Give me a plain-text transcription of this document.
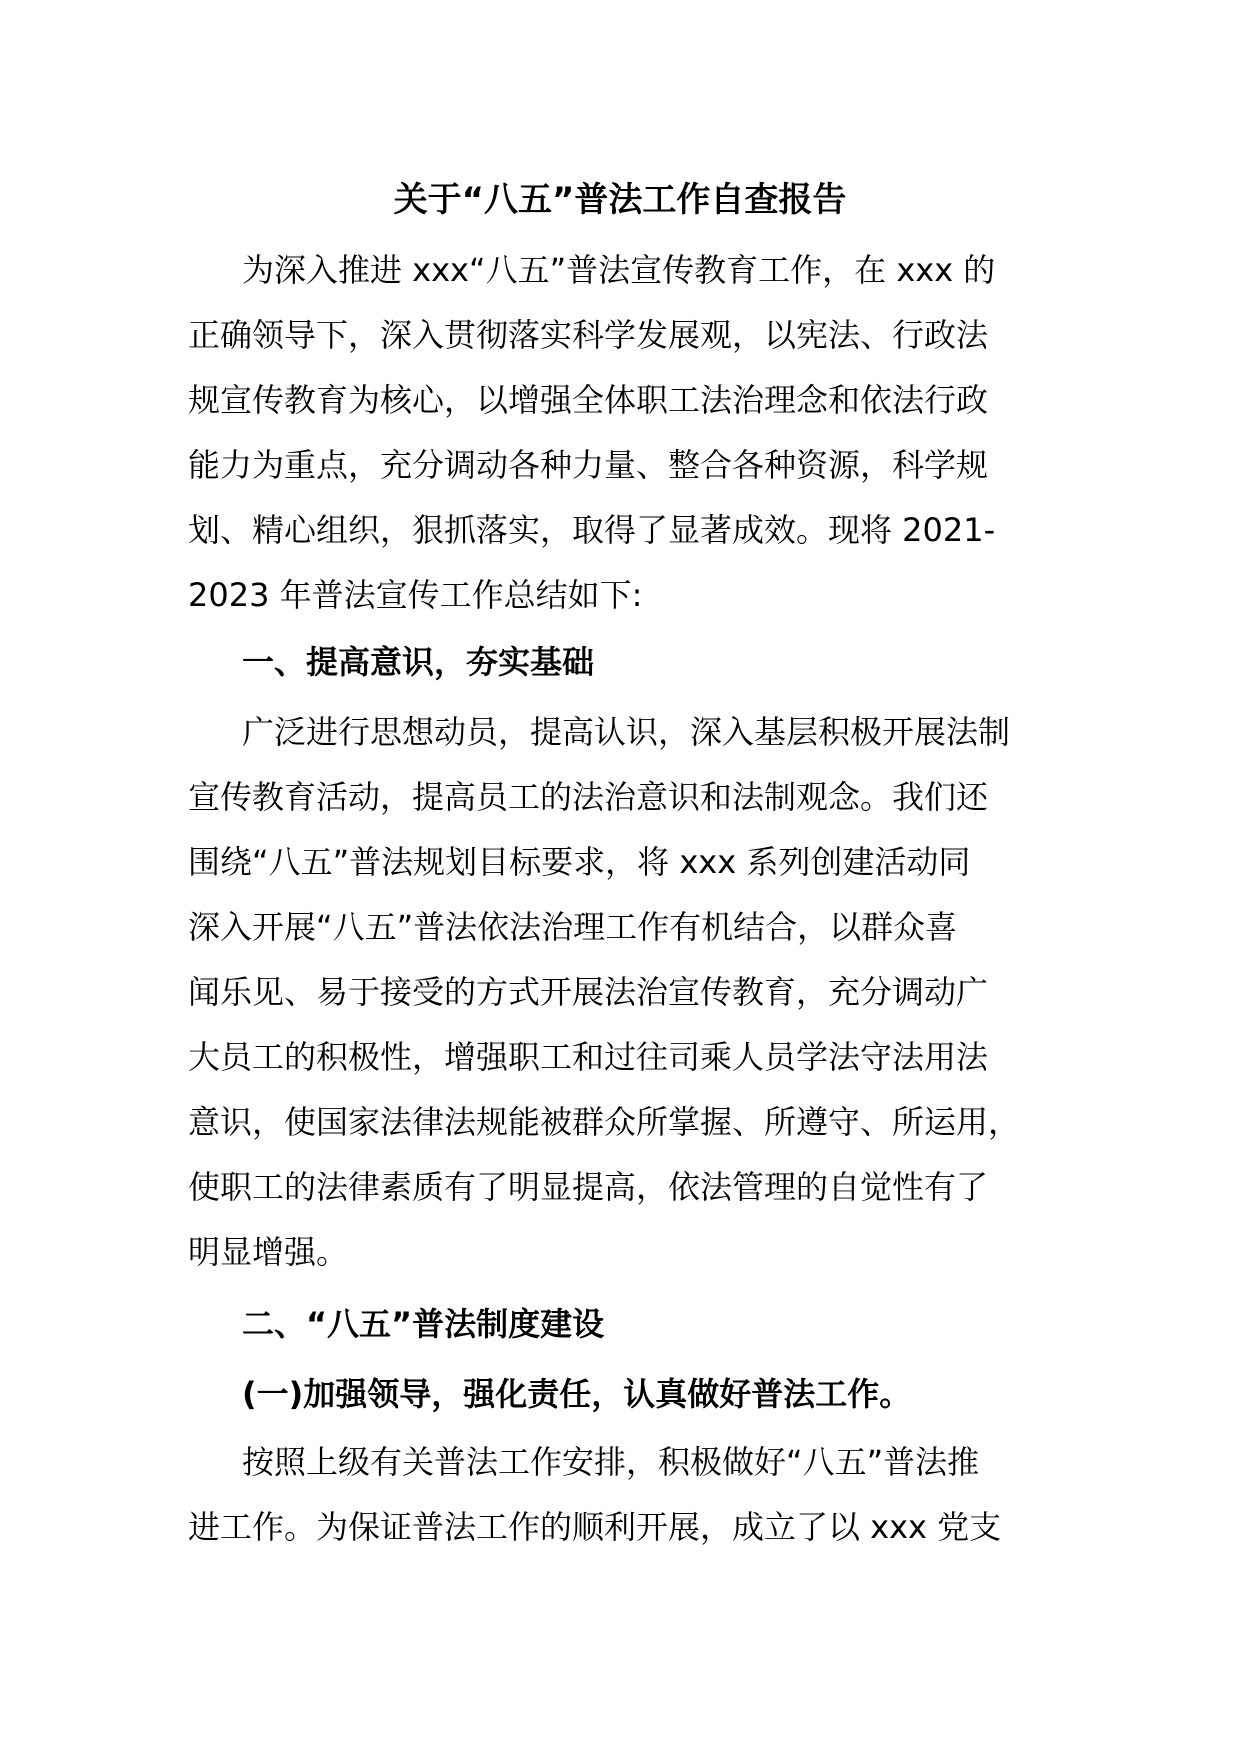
关于“八五”普法工作自查报告

为深入推进 xxx“八五”普法宣传教育工作，在 xxx 的

正确领导下，深入贯彻落实科学发展观，以宪法、行政法

规宣传教育为核心，以增强全体职工法治理念和依法行政

能力为重点，充分调动各种力量、整合各种资源，科学规

划、精心组织，狠抓落实，取得了显著成效。现将 2021-

2023 年普法宣传工作总结如下:

一、提高意识，夯实基础

广泛进行思想动员，提高认识，深入基层积极开展法制

宣传教育活动，提高员工的法治意识和法制观念。我们还

围绕“八五”普法规划目标要求，将 xxx 系列创建活动同

深入开展“八五”普法依法治理工作有机结合，以群众喜

闻乐见、易于接受的方式开展法治宣传教育，充分调动广

大员工的积极性，增强职工和过往司乘人员学法守法用法

意识，使国家法律法规能被群众所掌握、所遵守、所运用，

使职工的法律素质有了明显提高，依法管理的自觉性有了

明显增强。

二、“八五”普法制度建设

(一)加强领导，强化责任，认真做好普法工作。

按照上级有关普法工作安排，积极做好“八五”普法推

进工作。为保证普法工作的顺利开展，成立了以 xxx 党支
